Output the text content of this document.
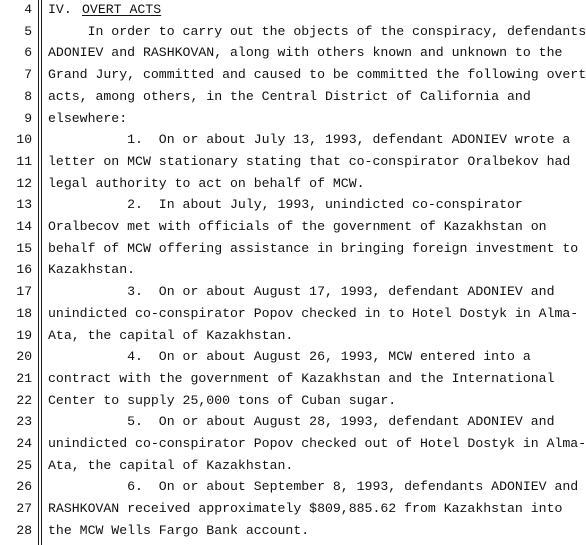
4 IV. OVERT ACTS
5 In order to carry out the objects of the conspiracy, defendants
6 ADONIEV and RASHKOVAN, along with others known and unknown to the
7 Grand Jury, committed and caused to be committed the following overt
8 acts, among others, in the Central District of California and
9 elsewhere:
10 1.  On or about July 13, 1993, defendant ADONIEV wrote a
11 letter on MCW stationary stating that co-conspirator Oralbekov had
12 legal authority to act on behalf of MCW.
13 2.  In about July, 1993, unindicted co-conspirator
14 Oralbecov met with officials of the government of Kazakhstan on
15 behalf of MCW offering assistance in bringing foreign investment to
16 Kazakhstan.
17 3.  On or about August 17, 1993, defendant ADONIEV and
18 unindicted co-conspirator Popov checked in to Hotel Dostyk in Alma-
19 Ata, the capital of Kazakhstan.
20 4.  On or about August 26, 1993, MCW entered into a
21 contract with the government of Kazakhstan and the International
22 Center to supply 25,000 tons of Cuban sugar.
23 5.  On or about August 28, 1993, defendant ADONIEV and
24 unindicted co-conspirator Popov checked out of Hotel Dostyk in Alma-
25 Ata, the capital of Kazakhstan.
26 6.  On or about September 8, 1993, defendants ADONIEV and
27 RASHKOVAN received approximately $809,885.62 from Kazakhstan into
28 the MCW Wells Fargo Bank account.
